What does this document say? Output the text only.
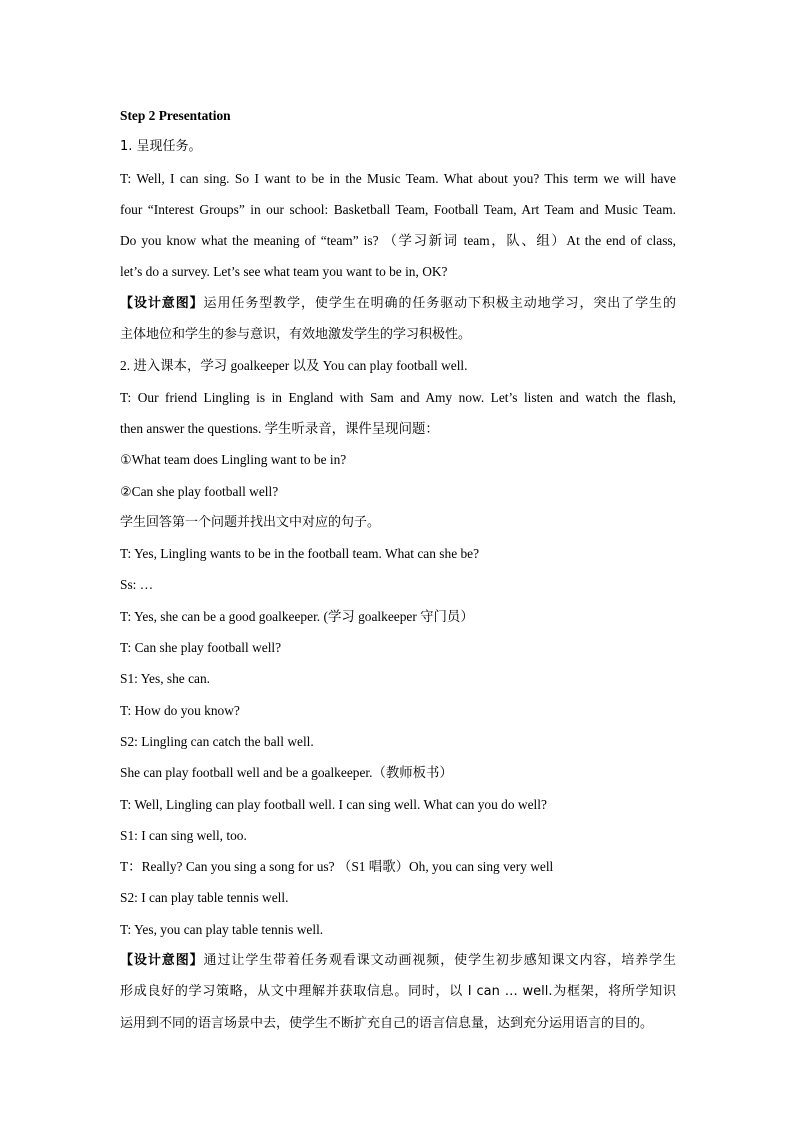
Step 2 Presentation
1. 呈现任务。
T: Well, I can sing. So I want to be in the Music Team. What about you? This term we will have
four “Interest Groups” in our school: Basketball Team, Football Team, Art Team and Music Team.
Do you know what the meaning of “team” is? （学习新词 team，队、组）At the end of class,
let’s do a survey. Let’s see what team you want to be in, OK?
【设计意图】运用任务型教学，使学生在明确的任务驱动下积极主动地学习，突出了学生的
主体地位和学生的参与意识，有效地激发学生的学习积极性。
2. 进入课本，学习 goalkeeper 以及 You can play football well.
T: Our friend Lingling is in England with Sam and Amy now. Let’s listen and watch the flash,
then answer the questions. 学生听录音，课件呈现问题：
①What team does Lingling want to be in?
②Can she play football well?
学生回答第一个问题并找出文中对应的句子。
T: Yes, Lingling wants to be in the football team. What can she be?
Ss: …
T: Yes, she can be a good goalkeeper. (学习 goalkeeper 守门员）
T: Can she play football well?
S1: Yes, she can.
T: How do you know?
S2: Lingling can catch the ball well.
She can play football well and be a goalkeeper.（教师板书）
T: Well, Lingling can play football well. I can sing well. What can you do well?
S1: I can sing well, too.
T：Really? Can you sing a song for us? （S1 唱歌）Oh, you can sing very well
S2: I can play table tennis well.
T: Yes, you can play table tennis well.
【设计意图】通过让学生带着任务观看课文动画视频，使学生初步感知课文内容，培养学生
形成良好的学习策略，从文中理解并获取信息。同时，以 I can … well.为框架，将所学知识
运用到不同的语言场景中去，使学生不断扩充自己的语言信息量，达到充分运用语言的目的。
